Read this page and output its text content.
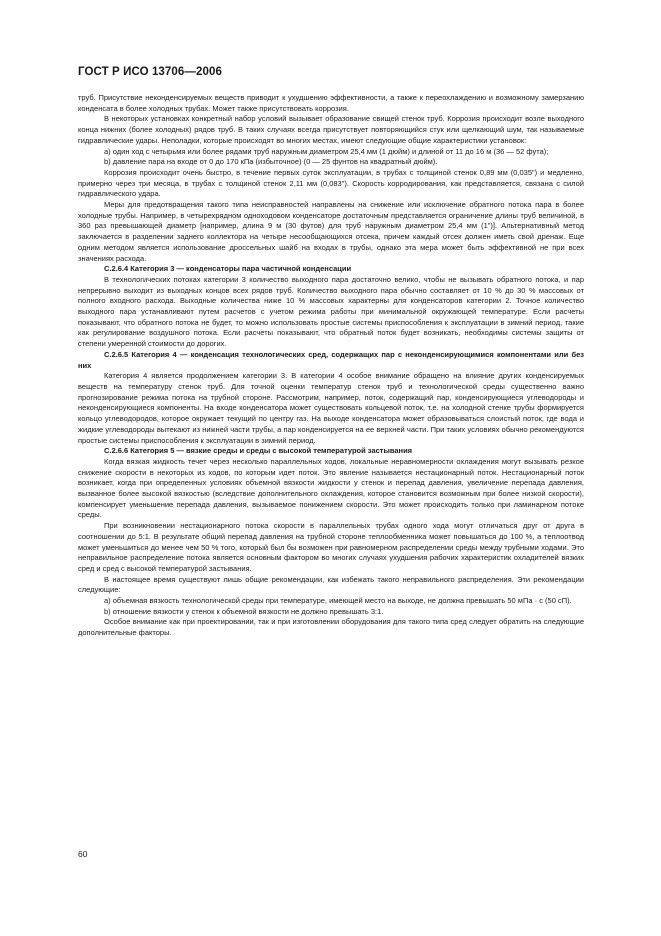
ГОСТ Р ИСО 13706—2006

труб. Присутствие неконденсируемых веществ приводит к ухудшению эффективности, а также к переохлаждению и возможному замерзанию конденсата в более холодных трубах. Может также присутствовать коррозия.

В некоторых установках конкретный набор условий вызывает образование свищей стенок труб. Коррозия происходит возле выходного конца нижних (более холодных) рядов труб. В таких случаях всегда присутствует повторяющийся стук или щелкающий шум, так называемые гидравлические удары. Неполадки, которые происходят во многих местах, имеют следующие общие характеристики установок:

а) один ход с четырьмя или более рядами труб наружным диаметром 25,4 мм (1 дюйм) и длиной от 11 до 16 м (36 — 52 фута);

b) давление пара на входе от 0 до 170 кПа (избыточное) (0 — 25 фунтов на квадратный дюйм).

Коррозия происходит очень быстро, в течение первых суток эксплуатации, в трубах с толщиной стенок 0,89 мм (0,035") и медленно, примерно через три месяца, в трубах с толщиной стенок 2,11 мм (0,083"). Скорость корродирования, как представляется, связана с силой гидравлического удара.

Меры для предотвращения такого типа неисправностей направлены на снижение или исключение обратного потока пара в более холодные трубы. Например, в четырехрядном одноходовом конденсаторе достаточным представляется ограничение длины труб величиной, в 360 раз превышающей диаметр [например, длина 9 м (30 футов) для труб наружным диаметром 25,4 мм (1")]. Альтернативный метод заключается в разделении заднего коллектора на четыре несообщающихся отсека, причем каждый отсек должен иметь свой дренаж. Еще одним методом является использование дроссельных шайб на входах в трубы, однако эта мера может быть эффективной не при всех значениях расхода.

С.2.6.4 Категория 3 — конденсаторы пара частичной конденсации

В технологических потоках категории 3 количество выходного пара достаточно велико, чтобы не вызывать обратного потока, и пар непрерывно выходит из выходных концов всех рядов труб. Количество выходного пара обычно составляет от 10 % до 30 % массовых от полного входного расхода. Выходные количества ниже 10 % массовых характерны для конденсаторов категории 2. Точное количество выходного пара устанавливают путем расчетов с учетом режима работы при минимальной окружающей температуре. Если расчеты показывают, что обратного потока не будет, то можно использовать простые системы приспособления к эксплуатации в зимний период, такие как регулирование воздушного потока. Если расчеты показывают, что обратный поток будет возникать, необходимы системы защиты от степени умеренной стоимости до дорогих.

С.2.6.5 Категория 4 — конденсация технологических сред, содержащих пар с неконденсирующимися компонентами или без них

Категория 4 является продолжением категории 3. В категории 4 особое внимание обращено на влияние других конденсируемых веществ на температуру стенок труб. Для точной оценки температур стенок труб и технологической среды существенно важно прогнозирование режима потока на трубной стороне. Рассмотрим, например, поток, содержащий пар, конденсирующиеся углеводороды и неконденсирующиеся компоненты. На входе конденсатора может существовать кольцевой поток, т.е. на холодной стенке трубы формируется кольцо углеводородов, которое окружает текущий по центру газ. На выходе конденсатора может образовываться слоистый поток, где вода и жидкие углеводороды вытекают из нижней части трубы, а пар конденсируется на ее верхней части. При таких условиях обычно рекомендуются простые системы приспособления к эксплуатации в зимний период.

С.2.6.6 Категория 5 — вязкие среды и среды с высокой температурой застывания

Когда вязкая жидкость течет через несколько параллельных ходов, локальные неравномерности охлаждения могут вызывать резкое снижение скорости в некоторых из ходов, по которым идет поток. Это явление называется нестационарный поток. Нестационарный поток возникает, когда при определенных условиях объемной вязкости жидкости у стенок и перепад давления, увеличение перепада давления, вызванное более высокой вязкостью (вследствие дополнительного охлаждения, которое становится возможным при более низкой скорости), компенсирует уменьшение перепада давления, вызываемое понижением скорости. Это может происходить только при ламинарном потоке среды.

При возникновении нестационарного потока скорости в параллельных трубах одного хода могут отличаться друг от друга в соотношении до 5:1. В результате общий перепад давления на трубной стороне теплообменника может повышаться до 100 %, а теплоотвод может уменьшиться до менее чем 50 % того, который был бы возможен при равномерном распределении среды между трубными ходами. Это неправильное распределение потока является основным фактором во многих случаях ухудшения рабочих характеристик охладителей вязких сред и сред с высокой температурой застывания.

В настоящее время существуют лишь общие рекомендации, как избежать такого неправильного распределения. Эти рекомендации следующие:

а) объемная вязкость технологической среды при температуре, имеющей место на выходе, не должна превышать 50 мПа · с (50 сП).

b) отношение вязкости у стенок к объемной вязкости не должно превышать 3:1.

Особое внимание как при проектировании, так и при изготовлении оборудования для такого типа сред следует обратить на следующие дополнительные факторы.

60
